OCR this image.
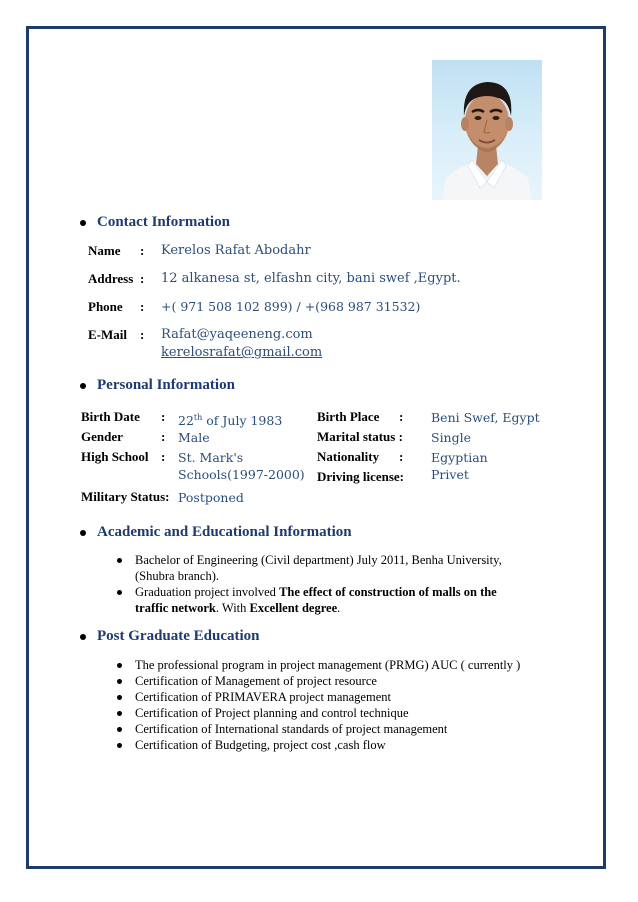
Contact Information
Name : Kerelos Rafat Abodahr
Address : 12 alkanesa st, elfashn city, bani swef ,Egypt.
Phone : +( 971 508 102 899) / +(968 987 31532)
E-Mail : Rafat@yaqeeneng.com
kerelosrafat@gmail.com
Personal Information
Birth Date : 22th of July 1983
Gender	: Male
High School : St. Mark's
Schools(1997-2000)
Military Status: Postponed
Birth Place : Beni Swef, Egypt
Marital status : Single
Nationality : Egyptian
Driving license: Privet
Academic and Educational Information
Bachelor of Engineering (Civil department) July 2011, Benha University,
(Shubra branch).
Graduation project involved The effect of construction of malls on the
traffic network. With Excellent degree.
Post Graduate Education
The professional program in project management (PRMG) AUC ( currently )
Certification of Management of project resource
Certification of PRIMAVERA project management
Certification of Project planning and control technique
Certification of International standards of project management
Certification of Budgeting, project cost ,cash flow
